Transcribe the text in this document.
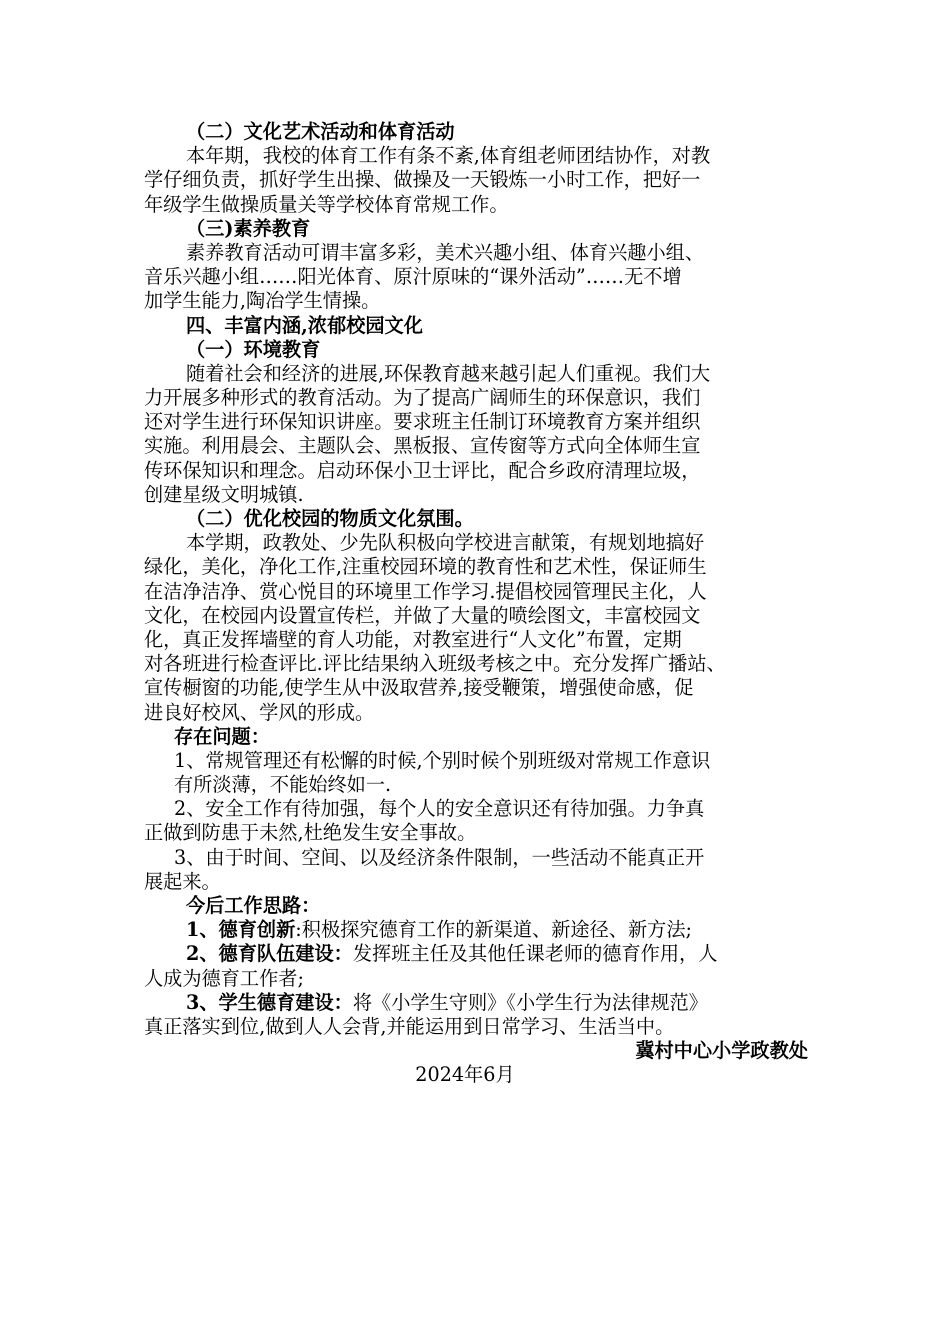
（二）文化艺术活动和体育活动
本年期，我校的体育工作有条不紊,体育组老师团结协作，对教
学仔细负责，抓好学生出操、做操及一天锻炼一小时工作，把好一
年级学生做操质量关等学校体育常规工作。
（三)素养教育
素养教育活动可谓丰富多彩，美术兴趣小组、体育兴趣小组、
音乐兴趣小组……阳光体育、原汁原味的“课外活动”……无不增
加学生能力,陶冶学生情操。
四、丰富内涵,浓郁校园文化
（一）环境教育
随着社会和经济的进展,环保教育越来越引起人们重视。我们大
力开展多种形式的教育活动。为了提高广阔师生的环保意识，我们
还对学生进行环保知识讲座。要求班主任制订环境教育方案并组织
实施。利用晨会、主题队会、黑板报、宣传窗等方式向全体师生宣
传环保知识和理念。启动环保小卫士评比，配合乡政府清理垃圾，
创建星级文明城镇.
（二）优化校园的物质文化氛围。
本学期，政教处、少先队积极向学校进言献策，有规划地搞好
绿化，美化，净化工作,注重校园环境的教育性和艺术性，保证师生
在洁净洁净、赏心悦目的环境里工作学习.提倡校园管理民主化，人
文化，在校园内设置宣传栏，并做了大量的喷绘图文，丰富校园文
化，真正发挥墙壁的育人功能，对教室进行“人文化”布置，定期
对各班进行检查评比.评比结果纳入班级考核之中。充分发挥广播站、
宣传橱窗的功能,使学生从中汲取营养,接受鞭策，增强使命感，促
进良好校风、学风的形成。
存在问题：
1、常规管理还有松懈的时候,个别时候个别班级对常规工作意识
有所淡薄，不能始终如一.
2、安全工作有待加强，每个人的安全意识还有待加强。力争真
正做到防患于未然,杜绝发生安全事故。
3、由于时间、空间、以及经济条件限制，一些活动不能真正开
展起来。
今后工作思路：
1、德育创新:积极探究德育工作的新渠道、新途径、新方法;
2、德育队伍建设：发挥班主任及其他任课老师的德育作用，人
人成为德育工作者;
3、学生德育建设：将《小学生守则》《小学生行为法律规范》
真正落实到位,做到人人会背,并能运用到日常学习、生活当中。
冀村中心小学政教处
2024年6月
